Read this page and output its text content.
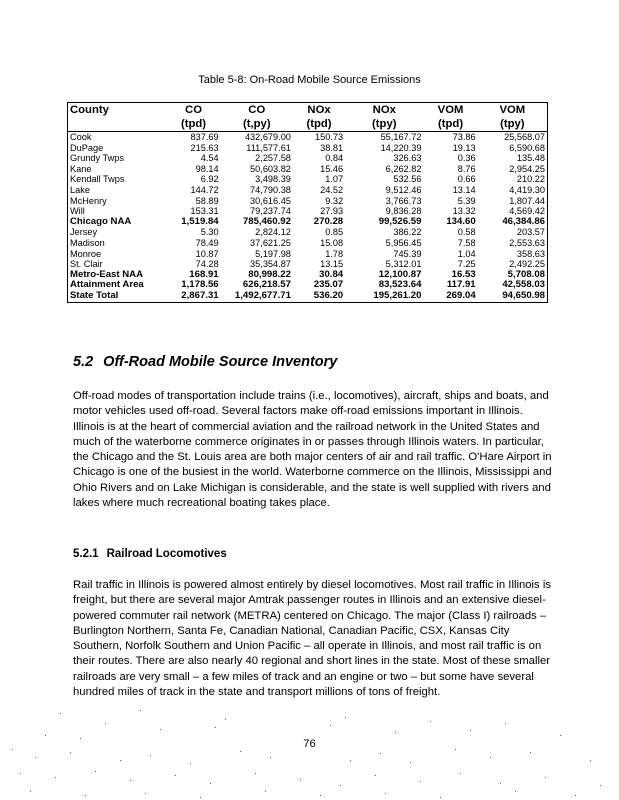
Table 5-8: On-Road Mobile Source Emissions
County	CO	CO	NOx	NOx	VOM	VOM
	(tpd)	(t,py)	(tpd)	(tpy)	(tpd)	(tpy)
Cook	837.69	432,679.00	150.73	55,167.72	73.86	25,568.07
DuPage	215.63	111,577.61	38.81	14,220.39	19.13	6,590.68
Grundy Twps	4.54	2,257.58	0.84	326.63	0.36	135.48
Kane	98.14	50,603.82	15.46	6,262.82	8.76	2,954.25
Kendall Twps	6.92	3,498.39	1.07	532.56	0.66	210.22
Lake	144.72	74,790.38	24.52	9,512.46	13.14	4,419.30
McHenry	58.89	30,616.45	9.32	3,766.73	5.39	1,807.44
Will	153.31	79,237.74	27.93	9,836.28	13.32	4,569.42
Chicago NAA	1,519.84	785,460.92	270.28	99,526.59	134.60	46,384.86
Jersey	5.30	2,824.12	0.85	386.22	0.58	203.57
Madison	78.49	37,621.25	15.08	5,956.45	7.58	2,553.63
Monroe	10.87	5,197.98	1.78	745.39	1.04	358.63
St. Clair	74.28	35,354.87	13.15	5,312.01	7.25	2,492.25
Metro-East NAA	168.91	80,998.22	30.84	12,100.87	16.53	5,708.08
Attainment Area	1,178.56	626,218.57	235.07	83,523.64	117.91	42,558.03
State Total	2,867.31	1,492,677.71	536.20	195,261.20	269.04	94,650.98
5.2 Off-Road Mobile Source Inventory
Off-road modes of transportation include trains (i.e., locomotives), aircraft, ships and boats, and motor vehicles used off-road. Several factors make off-road emissions important in Illinois. Illinois is at the heart of commercial aviation and the railroad network in the United States and much of the waterborne commerce originates in or passes through Illinois waters. In particular, the Chicago and the St. Louis area are both major centers of air and rail traffic. O'Hare Airport in Chicago is one of the busiest in the world. Waterborne commerce on the Illinois, Mississippi and Ohio Rivers and on Lake Michigan is considerable, and the state is well supplied with rivers and lakes where much recreational boating takes place.
5.2.1 Railroad Locomotives
Rail traffic in Illinois is powered almost entirely by diesel locomotives. Most rail traffic in Illinois is freight, but there are several major Amtrak passenger routes in Illinois and an extensive diesel-powered commuter rail network (METRA) centered on Chicago. The major (Class I) railroads – Burlington Northern, Santa Fe, Canadian National, Canadian Pacific, CSX, Kansas City Southern, Norfolk Southern and Union Pacific – all operate in Illinois, and most rail traffic is on their routes. There are also nearly 40 regional and short lines in the state. Most of these smaller railroads are very small – a few miles of track and an engine or two – but some have several hundred miles of track in the state and transport millions of tons of freight.
76
